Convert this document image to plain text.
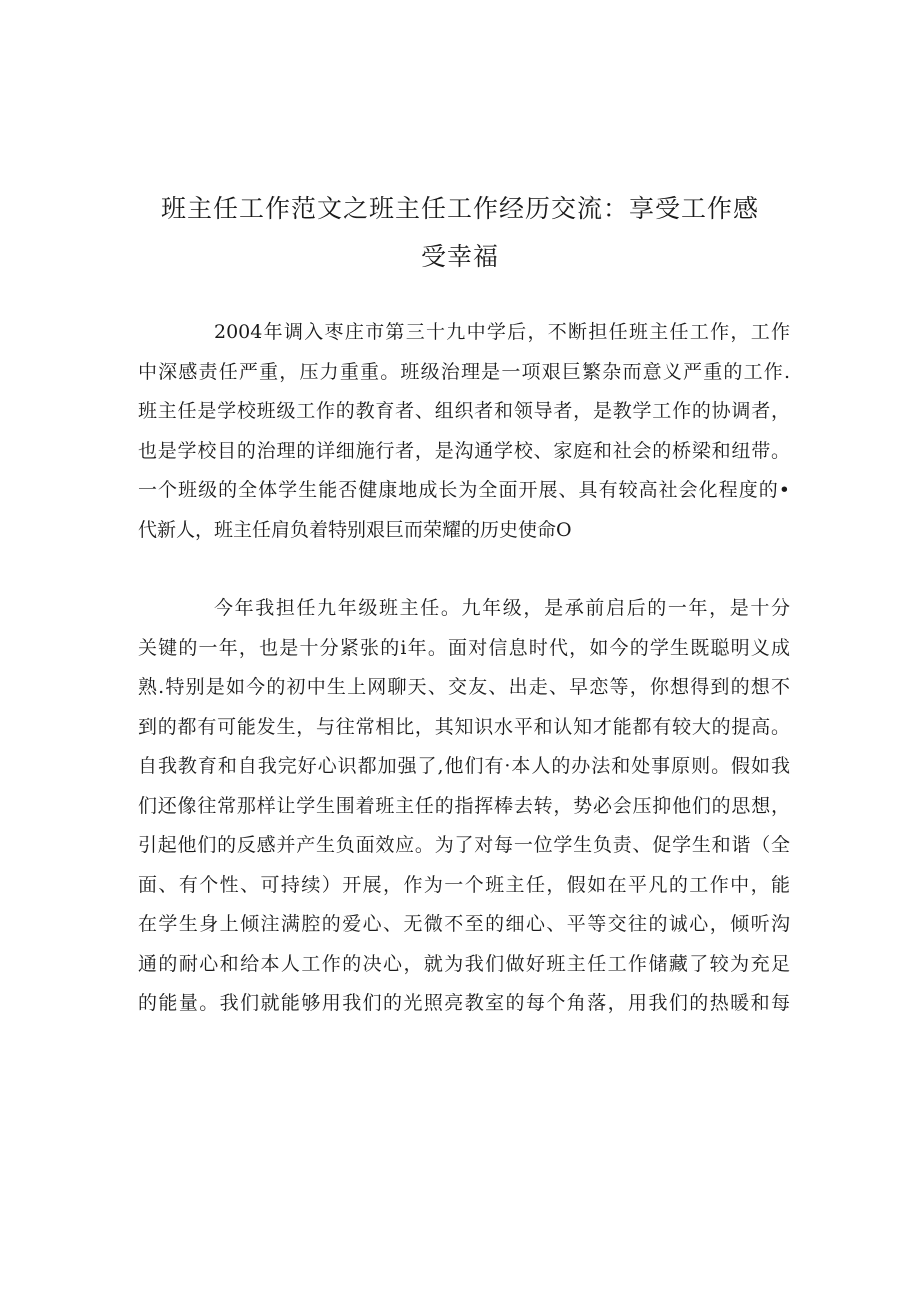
班主任工作范文之班主任工作经历交流：享受工作感
受幸福

2004年调入枣庄市第三十九中学后，不断担任班主任工作，工作
中深感责任严重，压力重重。班级治理是一项艰巨繁杂而意义严重的工作.
班主任是学校班级工作的教育者、组织者和领导者，是教学工作的协调者，
也是学校目的治理的详细施行者，是沟通学校、家庭和社会的桥梁和纽带。
一个班级的全体学生能否健康地成长为全面开展、具有较高社会化程度的•
代新人，班主任肩负着特别艰巨而荣耀的历史使命O

今年我担任九年级班主任。九年级，是承前启后的一年，是十分
关键的一年，也是十分紧张的i年。面对信息时代，如今的学生既聪明义成
熟.特别是如今的初中生上网聊天、交友、出走、早恋等，你想得到的想不
到的都有可能发生，与往常相比，其知识水平和认知才能都有较大的提高。
自我教育和自我完好心识都加强了,他们有·本人的办法和处事原则。假如我
们还像往常那样让学生围着班主任的指挥棒去转，势必会压抑他们的思想，
引起他们的反感并产生负面效应。为了对每一位学生负责、促学生和谐（全
面、有个性、可持续）开展，作为一个班主任，假如在平凡的工作中，能
在学生身上倾注满腔的爱心、无微不至的细心、平等交往的诚心，倾听沟
通的耐心和给本人工作的决心，就为我们做好班主任工作储藏了较为充足
的能量。我们就能够用我们的光照亮教室的每个角落，用我们的热暖和每
